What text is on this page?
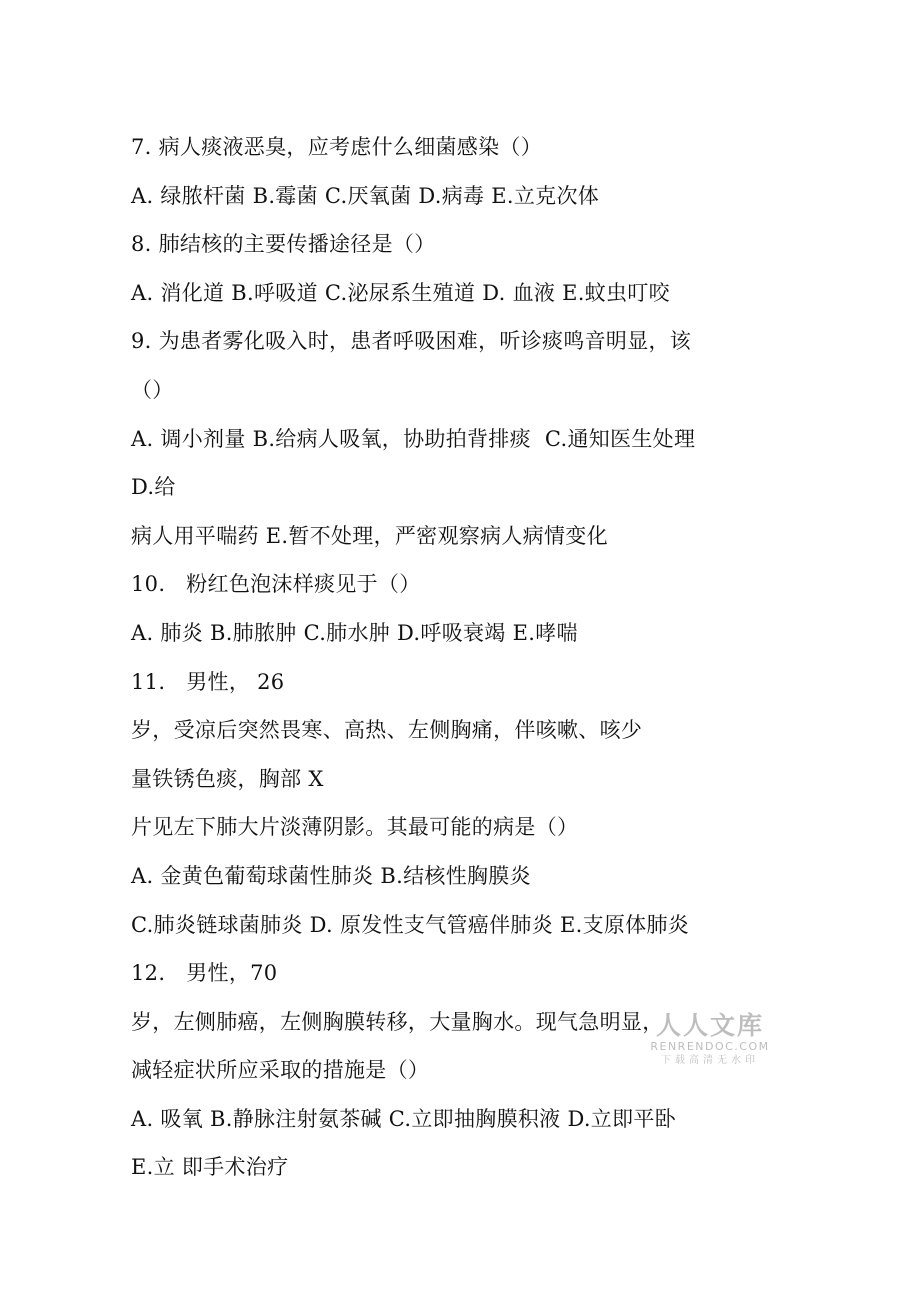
7. 病人痰液恶臭，应考虑什么细菌感染（）
A. 绿脓杆菌 B.霉菌 C.厌氧菌 D.病毒 E.立克次体
8. 肺结核的主要传播途径是（）
A. 消化道 B.呼吸道 C.泌尿系生殖道 D. 血液 E.蚊虫叮咬
9. 为患者雾化吸入时，患者呼吸困难，听诊痰鸣音明显，该
（）
A. 调小剂量 B.给病人吸氧，协助拍背排痰  C.通知医生处理
D.给
病人用平喘药 E.暂不处理，严密观察病人病情变化
10.   粉红色泡沫样痰见于（）
A. 肺炎 B.肺脓肿 C.肺水肿 D.呼吸衰竭 E.哮喘
11.   男性， 26
岁，受凉后突然畏寒、高热、左侧胸痛，伴咳嗽、咳少
量铁锈色痰，胸部 X
片见左下肺大片淡薄阴影。其最可能的病是（）
A. 金黄色葡萄球菌性肺炎 B.结核性胸膜炎
C.肺炎链球菌肺炎 D. 原发性支气管癌伴肺炎 E.支原体肺炎
12.   男性，70
岁，左侧肺癌，左侧胸膜转移，大量胸水。现气急明显，
减轻症状所应采取的措施是（）
A. 吸氧 B.静脉注射氨茶碱 C.立即抽胸膜积液 D.立即平卧
E.立 即手术治疗
人人文库
RENRENDOC.COM
下载高清无水印
